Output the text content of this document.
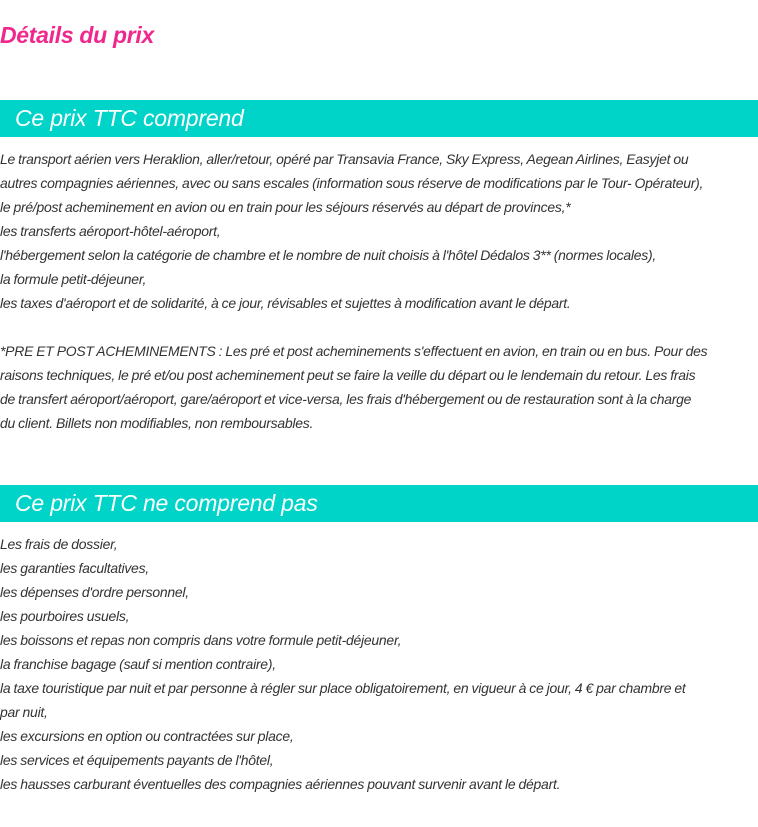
Détails du prix
Ce prix TTC comprend
Le transport aérien vers Heraklion, aller/retour, opéré par Transavia France, Sky Express, Aegean Airlines, Easyjet ou
autres compagnies aériennes, avec ou sans escales (information sous réserve de modifications par le Tour- Opérateur),
le pré/post acheminement en avion ou en train pour les séjours réservés au départ de provinces,*
les transferts aéroport-hôtel-aéroport,
l'hébergement selon la catégorie de chambre et le nombre de nuit choisis à l'hôtel Dédalos 3** (normes locales),
la formule petit-déjeuner,
les taxes d'aéroport et de solidarité, à ce jour, révisables et sujettes à modification avant le départ.
*PRE ET POST ACHEMINEMENTS : Les pré et post acheminements s'effectuent en avion, en train ou en bus. Pour des
raisons techniques, le pré et/ou post acheminement peut se faire la veille du départ ou le lendemain du retour. Les frais
de transfert aéroport/aéroport, gare/aéroport et vice-versa, les frais d'hébergement ou de restauration sont à la charge
du client. Billets non modifiables, non remboursables.
Ce prix TTC ne comprend pas
Les frais de dossier,
les garanties facultatives,
les dépenses d'ordre personnel,
les pourboires usuels,
les boissons et repas non compris dans votre formule petit-déjeuner,
la franchise bagage (sauf si mention contraire),
la taxe touristique par nuit et par personne à régler sur place obligatoirement, en vigueur à ce jour, 4 € par chambre et
par nuit,
les excursions en option ou contractées sur place,
les services et équipements payants de l'hôtel,
les hausses carburant éventuelles des compagnies aériennes pouvant survenir avant le départ.
